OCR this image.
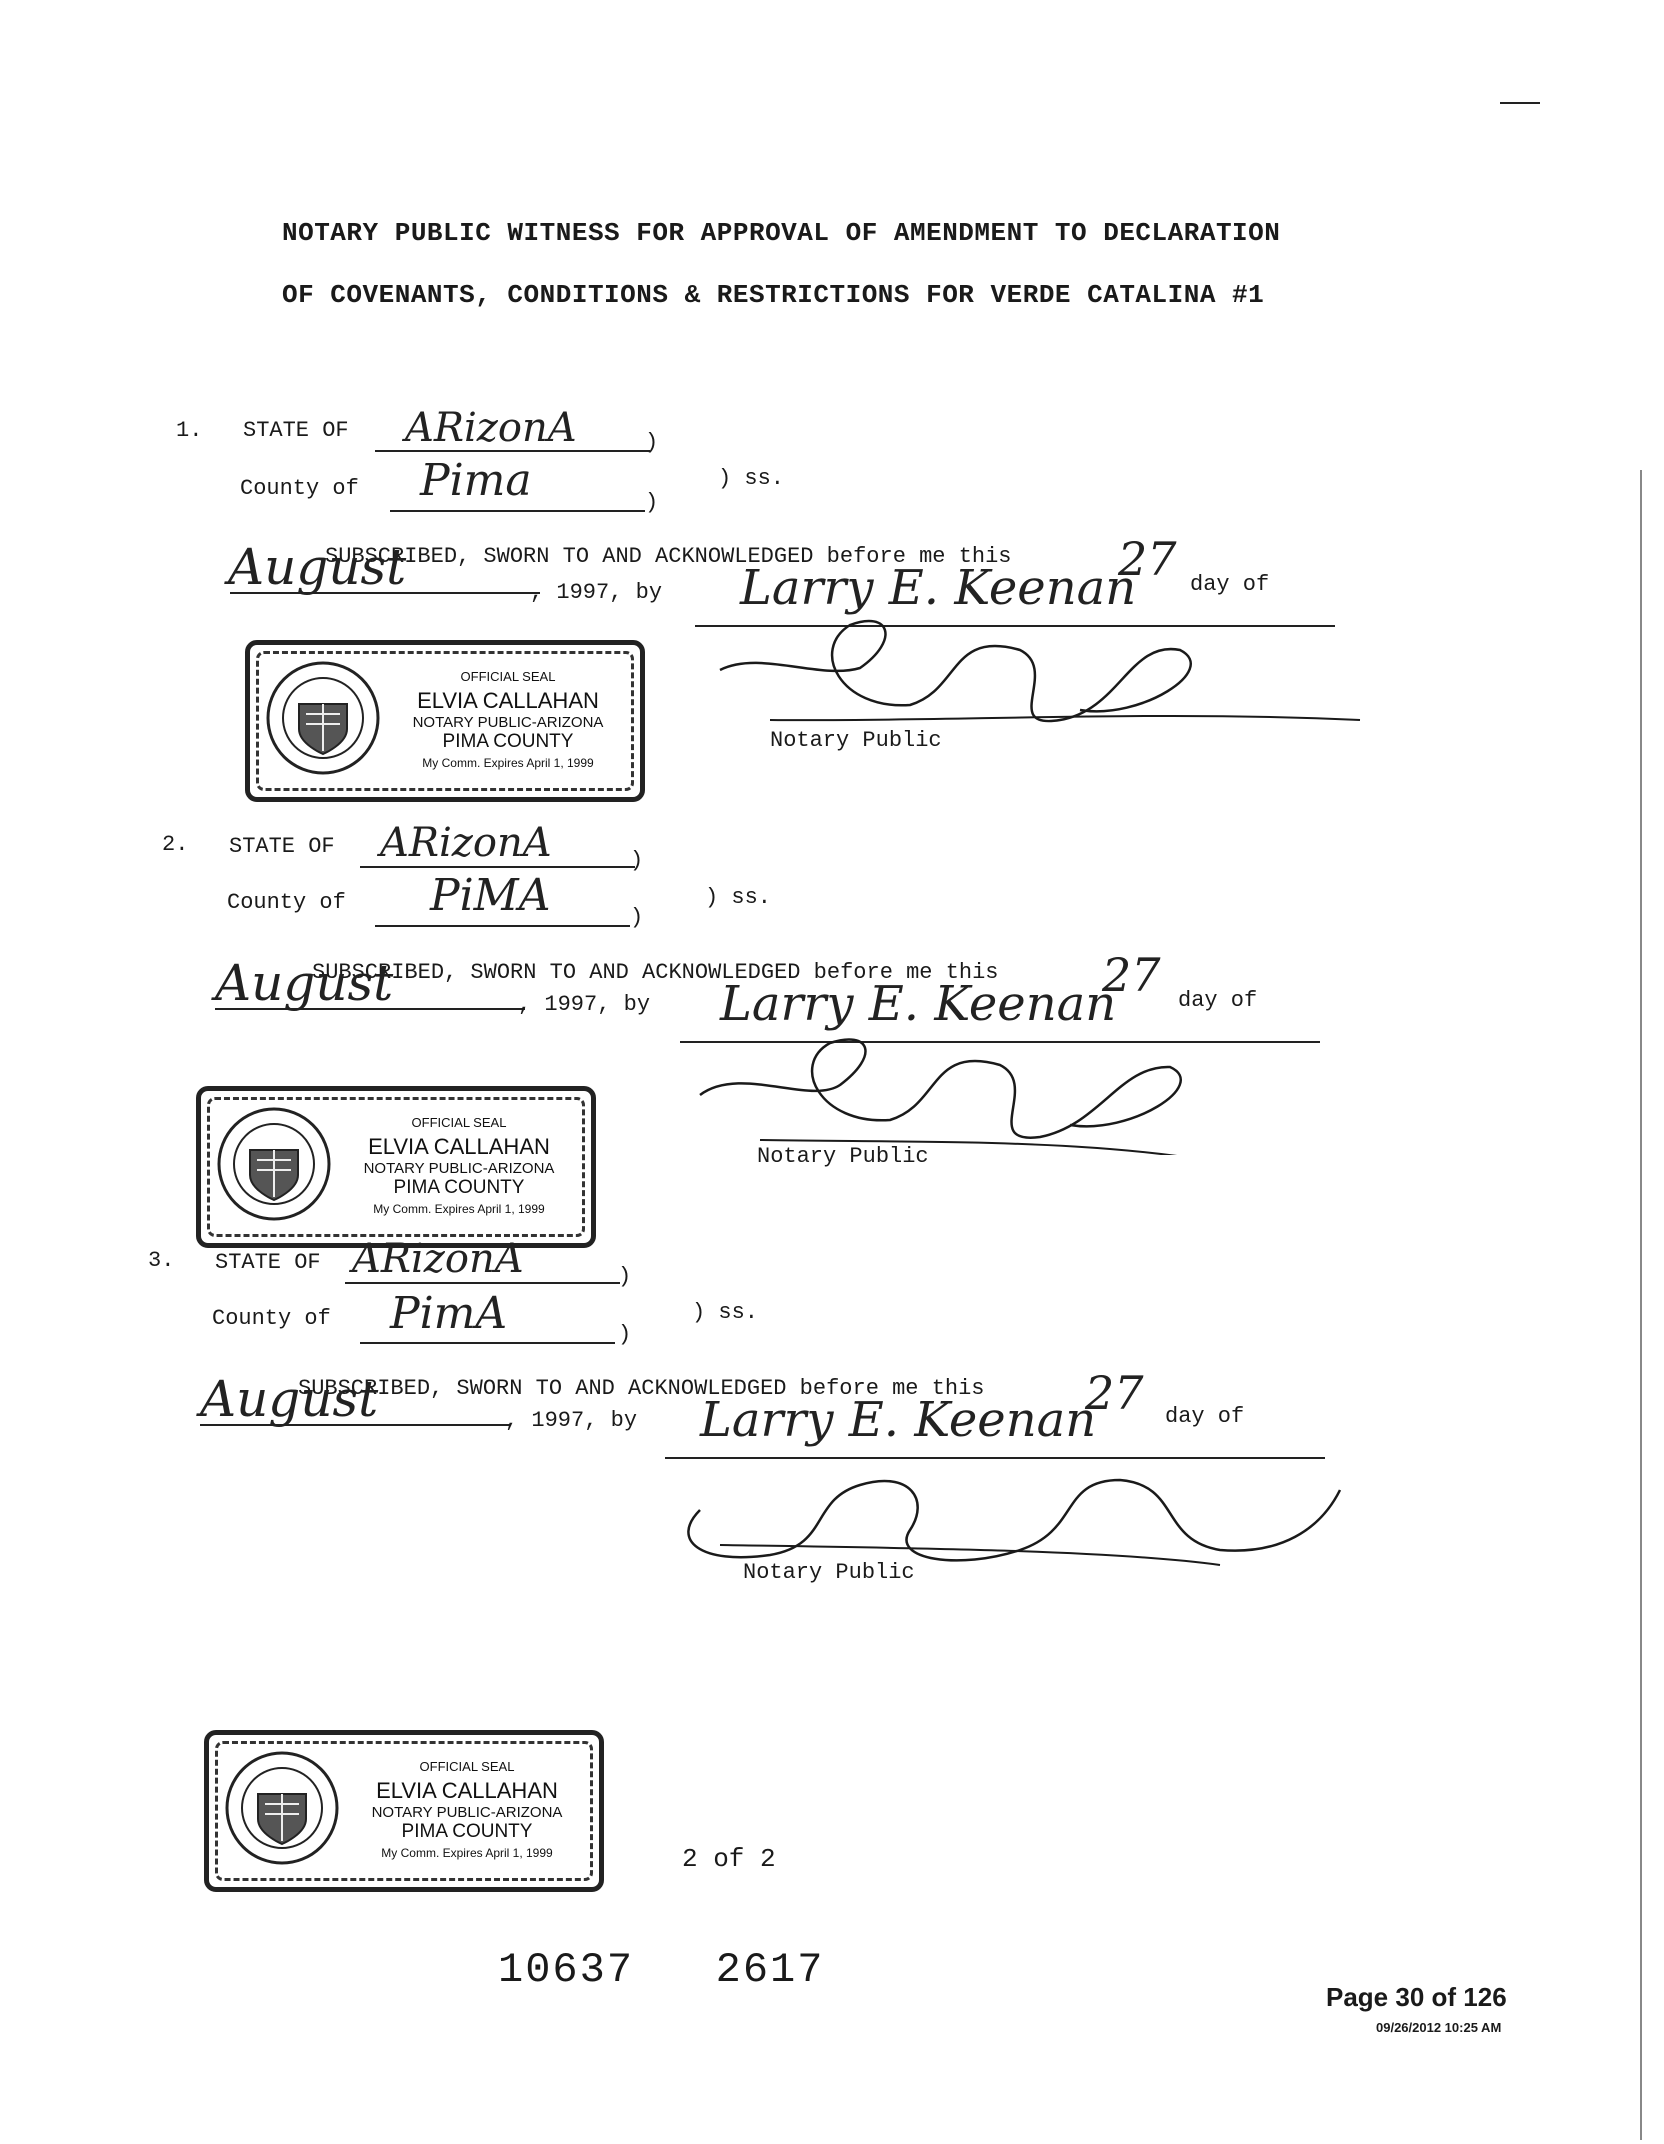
NOTARY PUBLIC WITNESS FOR APPROVAL OF AMENDMENT TO DECLARATION
OF COVENANTS, CONDITIONS & RESTRICTIONS FOR VERDE CATALINA #1
1. STATE OF ARizonA	)
County of Pima	)
) ss.
SUBSCRIBED, SWORN TO AND ACKNOWLEDGED before me this 27 day of
August	, 1997, by Larry E. Keenan
Notary Public
OFFICIAL SEAL
ELVIA CALLAHAN
NOTARY PUBLIC-ARIZONA
PIMA COUNTY
My Comm. Expires April 1, 1999
2. STATE OF ARizonA	)
County of PiMA	)
) ss.
SUBSCRIBED, SWORN TO AND ACKNOWLEDGED before me this 27 day of
August	, 1997, by Larry E. Keenan
Notary Public
OFFICIAL SEAL
ELVIA CALLAHAN
NOTARY PUBLIC-ARIZONA
PIMA COUNTY
My Comm. Expires April 1, 1999
3. STATE OF ARizonA	)
County of PimA	)
) ss.
SUBSCRIBED, SWORN TO AND ACKNOWLEDGED before me this 27 day of
August	, 1997, by Larry E. Keenan
Notary Public
OFFICIAL SEAL
ELVIA CALLAHAN
NOTARY PUBLIC-ARIZONA
PIMA COUNTY
My Comm. Expires April 1, 1999	2 of 2
10637   2617
Page 30 of 126
09/26/2012 10:25 AM
